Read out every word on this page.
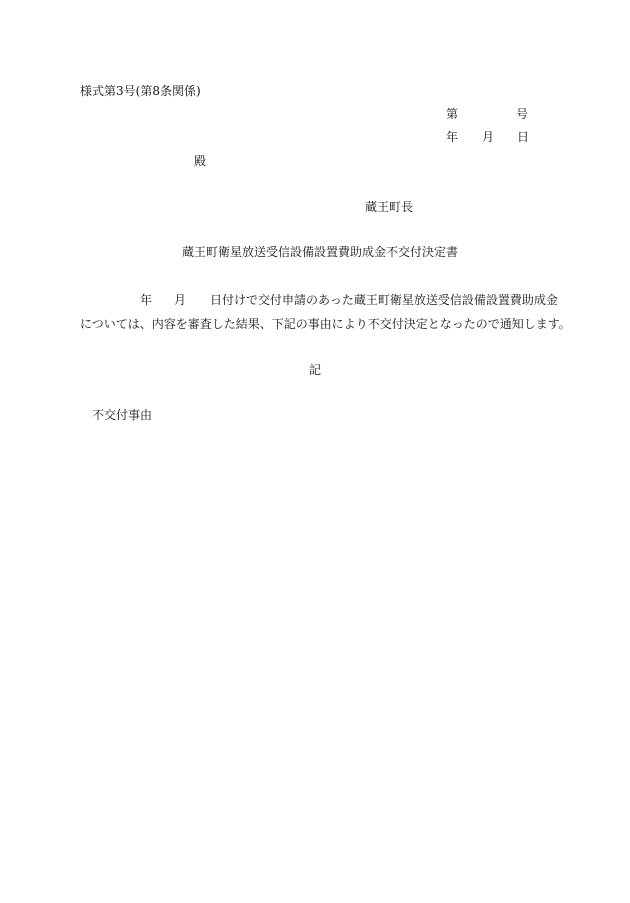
様式第3号(第8条関係)
第	号
年 月 日
殿
蔵王町長
蔵王町衛星放送受信設備設置費助成金不交付決定書
年 月 日付けで交付申請のあった蔵王町衛星放送受信設備設置費助成金
については、内容を審査した結果、下記の事由により不交付決定となったので通知します。
記
不交付事由
